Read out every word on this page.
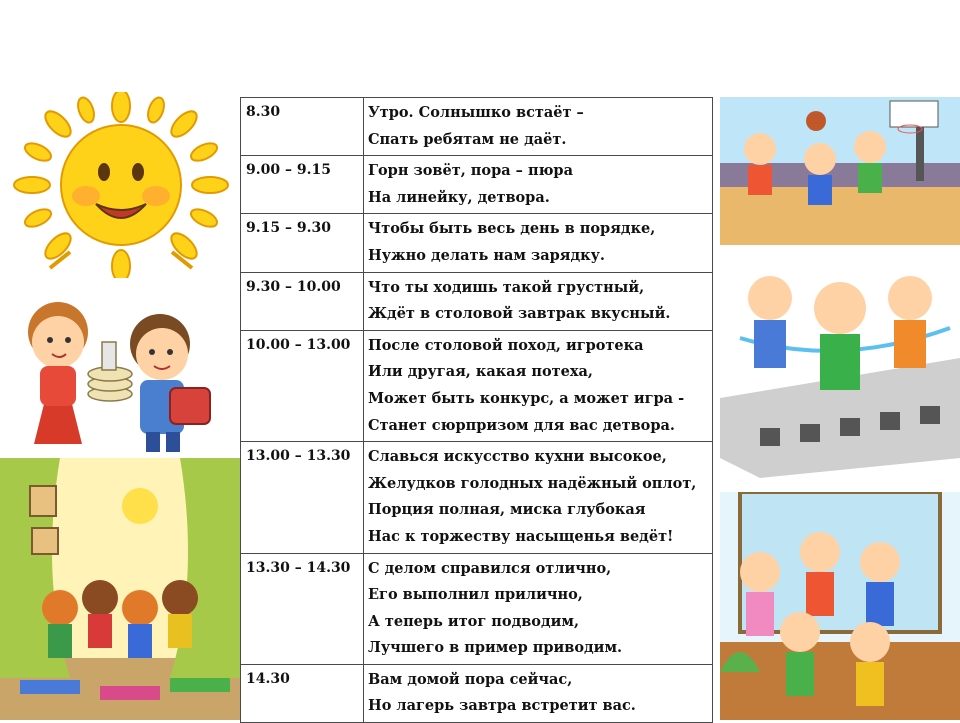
8.30	Утро. Солнышко встаёт –
Спать ребятам не даёт.

9.00 – 9.15	Горн зовёт, пора – пюра
На линейку, детвора.

9.15 – 9.30	Чтобы быть весь день в порядке,
Нужно делать нам зарядку.

9.30 – 10.00	Что ты ходишь такой грустный,
Ждёт в столовой завтрак вкусный.

10.00 – 13.00	После столовой поход, игротека
Или другая, какая потеха,
Может быть конкурс, а может игра -
Станет сюрпризом для вас детвора.

13.00 – 13.30	Славься искусство кухни высокое,
Желудков голодных надёжный оплот,
Порция полная, миска глубокая
Нас к торжеству насыщенья ведёт!

13.30 – 14.30	С делом справился отлично,
Его выполнил прилично,
А теперь итог подводим,
Лучшего в пример приводим.

14.30	Вам домой пора сейчас,
Но лагерь завтра встретит вас.
